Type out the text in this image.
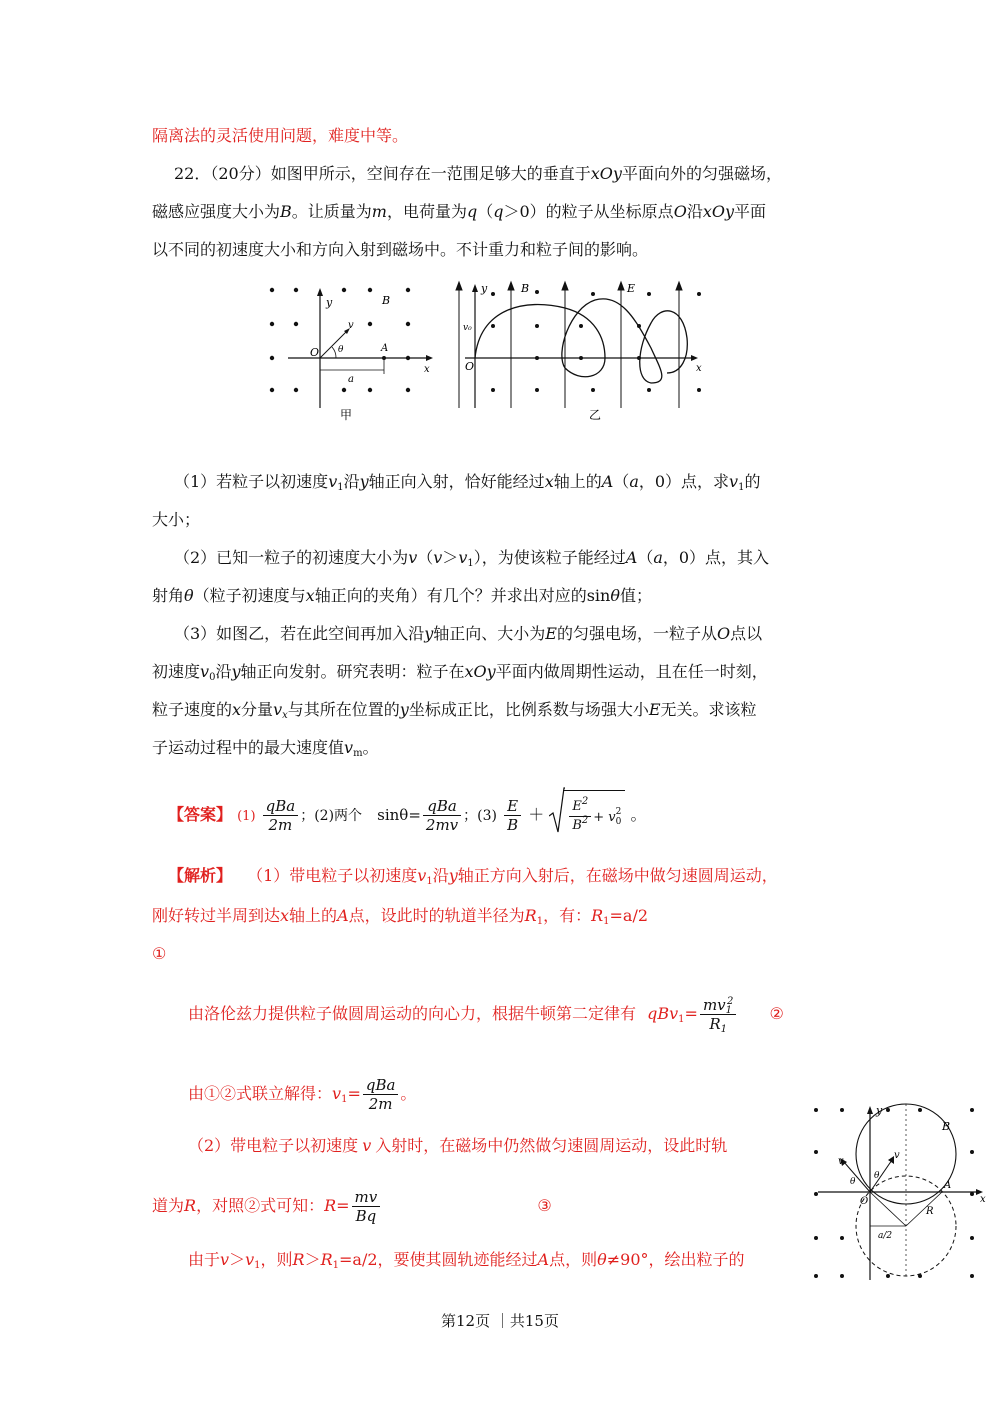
隔离法的灵活使用问题，难度中等。
22．（20分）如图甲所示，空间存在一范围足够大的垂直于xOy平面向外的匀强磁场，
磁感应强度大小为B。让质量为m，电荷量为q（q＞0）的粒子从坐标原点O沿xOy平面
以不同的初速度大小和方向入射到磁场中。不计重力和粒子间的影响。
y	B
v
θ
O	A
a
x
甲
y	B	E
v₀
O	x
乙
（1）若粒子以初速度$v_1$沿y轴正向入射，恰好能经过x轴上的A（a，0）点，求$v_1$的
大小；
（2）已知一粒子的初速度大小为$v(v>v_1)$，为使该粒子能经过A（a，0）点，其入
射角θ（粒子初速度与x轴正向的夹角）有几个？并求出对应的sinθ值；
（3）如图乙，若在此空间再加入沿y轴正向、大小为E的匀强电场，一粒子从O点以
初速度$v_0$沿y轴正向发射。研究表明：粒子在xOy平面内做周期性运动，且在任一时刻，
粒子速度的x分量$v_x$与其所在位置的y坐标成正比，比例系数与场强大小E无关。求该粒
子运动过程中的最大速度值$v_m$。
【答案】 $(1) \frac{\text{qBa}}{2m}$ ；(2)两个 $\sin\theta= \frac{\text{qBa}}{2mv}$ ；$(3) \frac{E}{B} + \frac{E^2}{B^2} + v$ 2
0 。
【解析】 （1）带电粒子以初速度$v_1$沿y轴正方向入射后，在磁场中做匀速圆周运动，
刚好转过半周到达x轴上的A点，设此时的轨道半径为$R_1$，有：$R_1=a/2$
①
由洛伦兹力提供粒子做圆周运动的向心力，根据牛顿第二定律有 $qBv_1= \frac{mv_1^2}{R_1}$ ②
由①②式联立解得：$v_1= \frac{\text{qBa}}{2m}$ 。
（2）带电粒子以初速度 v 入射时，在磁场中仍然做匀速圆周运动，设此时轨
道为R，对照②式可知：$R= \frac{mv}{Bq}$	③
由于$v>v_1$，则$R>R_1=a/2$，要使其圆轨迹能经过A点，则θ≠90°，绘出粒子的
y
B
v
v
θ
θ
O
A
x
R
a/2
第12页 ｜共15页
